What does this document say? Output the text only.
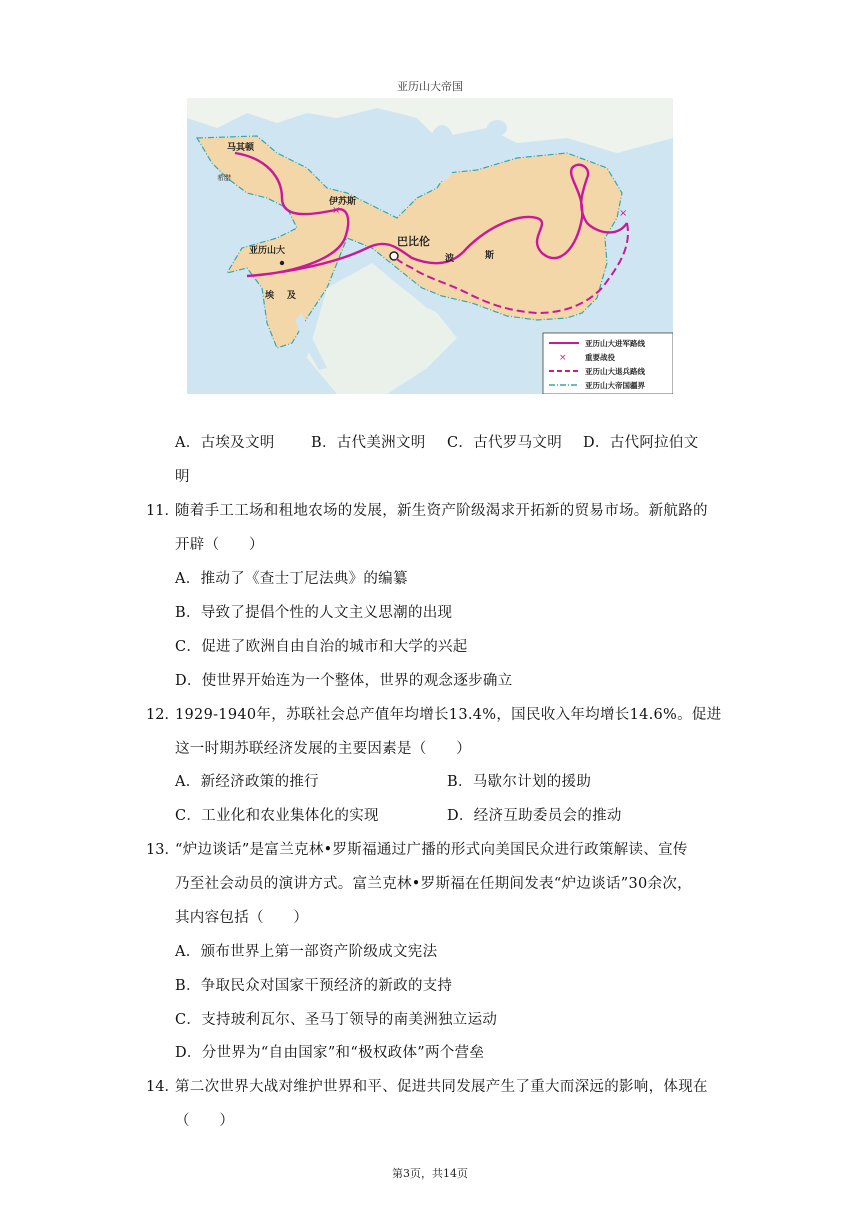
亚历山大帝国
×	×
马其顿
希腊
伊苏斯
亚历山大
巴比伦
波	斯
埃 及
亚历山大进军路线
× 重要战役
亚历山大退兵路线
亚历山大帝国疆界
A．古埃及文明	B．古代美洲文明 C．古代罗马文明 D．古代阿拉伯文
明
11．
随着手工工场和租地农场的发展，新生资产阶级渴求开拓新的贸易市场。新航路的
开辟（　　）
A．推动了《查士丁尼法典》的编纂
B．导致了提倡个性的人文主义思潮的出现
C．促进了欧洲自由自治的城市和大学的兴起
D．使世界开始连为一个整体，世界的观念逐步确立
12．
1929-1940年，苏联社会总产值年均增长13.4%，国民收入年均增长14.6%。促进
这一时期苏联经济发展的主要因素是（　　）
A．新经济政策的推行	B．马歇尔计划的援助
C．工业化和农业集体化的实现	D．经济互助委员会的推动
13．
“炉边谈话”是富兰克林•罗斯福通过广播的形式向美国民众进行政策解读、宣传
乃至社会动员的演讲方式。富兰克林•罗斯福在任期间发表“炉边谈话”30余次，
其内容包括（　　）
A．颁布世界上第一部资产阶级成文宪法
B．争取民众对国家干预经济的新政的支持
C．支持玻利瓦尔、圣马丁领导的南美洲独立运动
D．分世界为“自由国家”和“极权政体”两个营垒
14．
第二次世界大战对维护世界和平、促进共同发展产生了重大而深远的影响，体现在
（　　）
第3页，共14页
